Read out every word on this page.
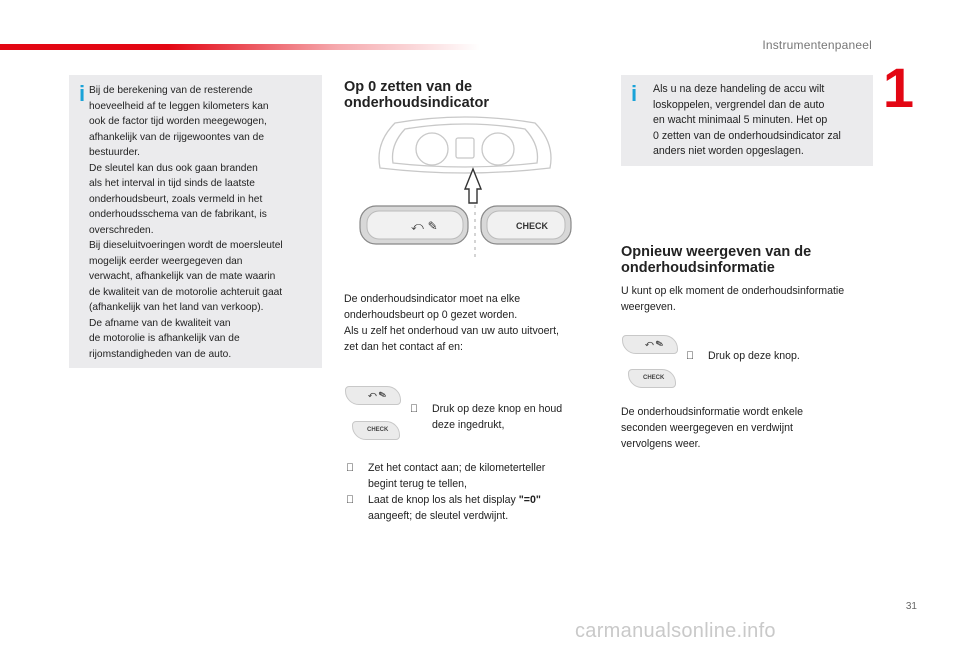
Instrumentenpaneel
1
i Bij de berekening van de resterende
hoeveelheid af te leggen kilometers kan
ook de factor tijd worden meegewogen,
afhankelijk van de rijgewoontes van de
bestuurder.
De sleutel kan dus ook gaan branden
als het interval in tijd sinds de laatste
onderhoudsbeurt, zoals vermeld in het
onderhoudsschema van de fabrikant, is
overschreden.
Bij dieseluitvoeringen wordt de moersleutel
mogelijk eerder weergegeven dan
verwacht, afhankelijk van de mate waarin
de kwaliteit van de motorolie achteruit gaat
(afhankelijk van het land van verkoop).
De afname van de kwaliteit van
de motorolie is afhankelijk van de
rijomstandigheden van de auto.
Op 0 zetten van de
onderhoudsindicator
⤺ ✎	CHECK
De onderhoudsindicator moet na elke
onderhoudsbeurt op 0 gezet worden.
Als u zelf het onderhoud van uw auto uitvoert,
zet dan het contact af en:
⤺ ✎
CHECK
Druk op deze knop en houd
deze ingedrukt,
Zet het contact aan; de kilometerteller
begint terug te tellen,
Laat de knop los als het display "=0"
aangeeft; de sleutel verdwijnt.
i Als u na deze handeling de accu wilt
loskoppelen, vergrendel dan de auto
en wacht minimaal 5 minuten. Het op
0 zetten van de onderhoudsindicator zal
anders niet worden opgeslagen.
Opnieuw weergeven van de
onderhoudsinformatie
U kunt op elk moment de onderhoudsinformatie
weergeven.
⤺ ✎
CHECK
Druk op deze knop.
De onderhoudsinformatie wordt enkele
seconden weergegeven en verdwijnt
vervolgens weer.
31
carmanualsonline.info
